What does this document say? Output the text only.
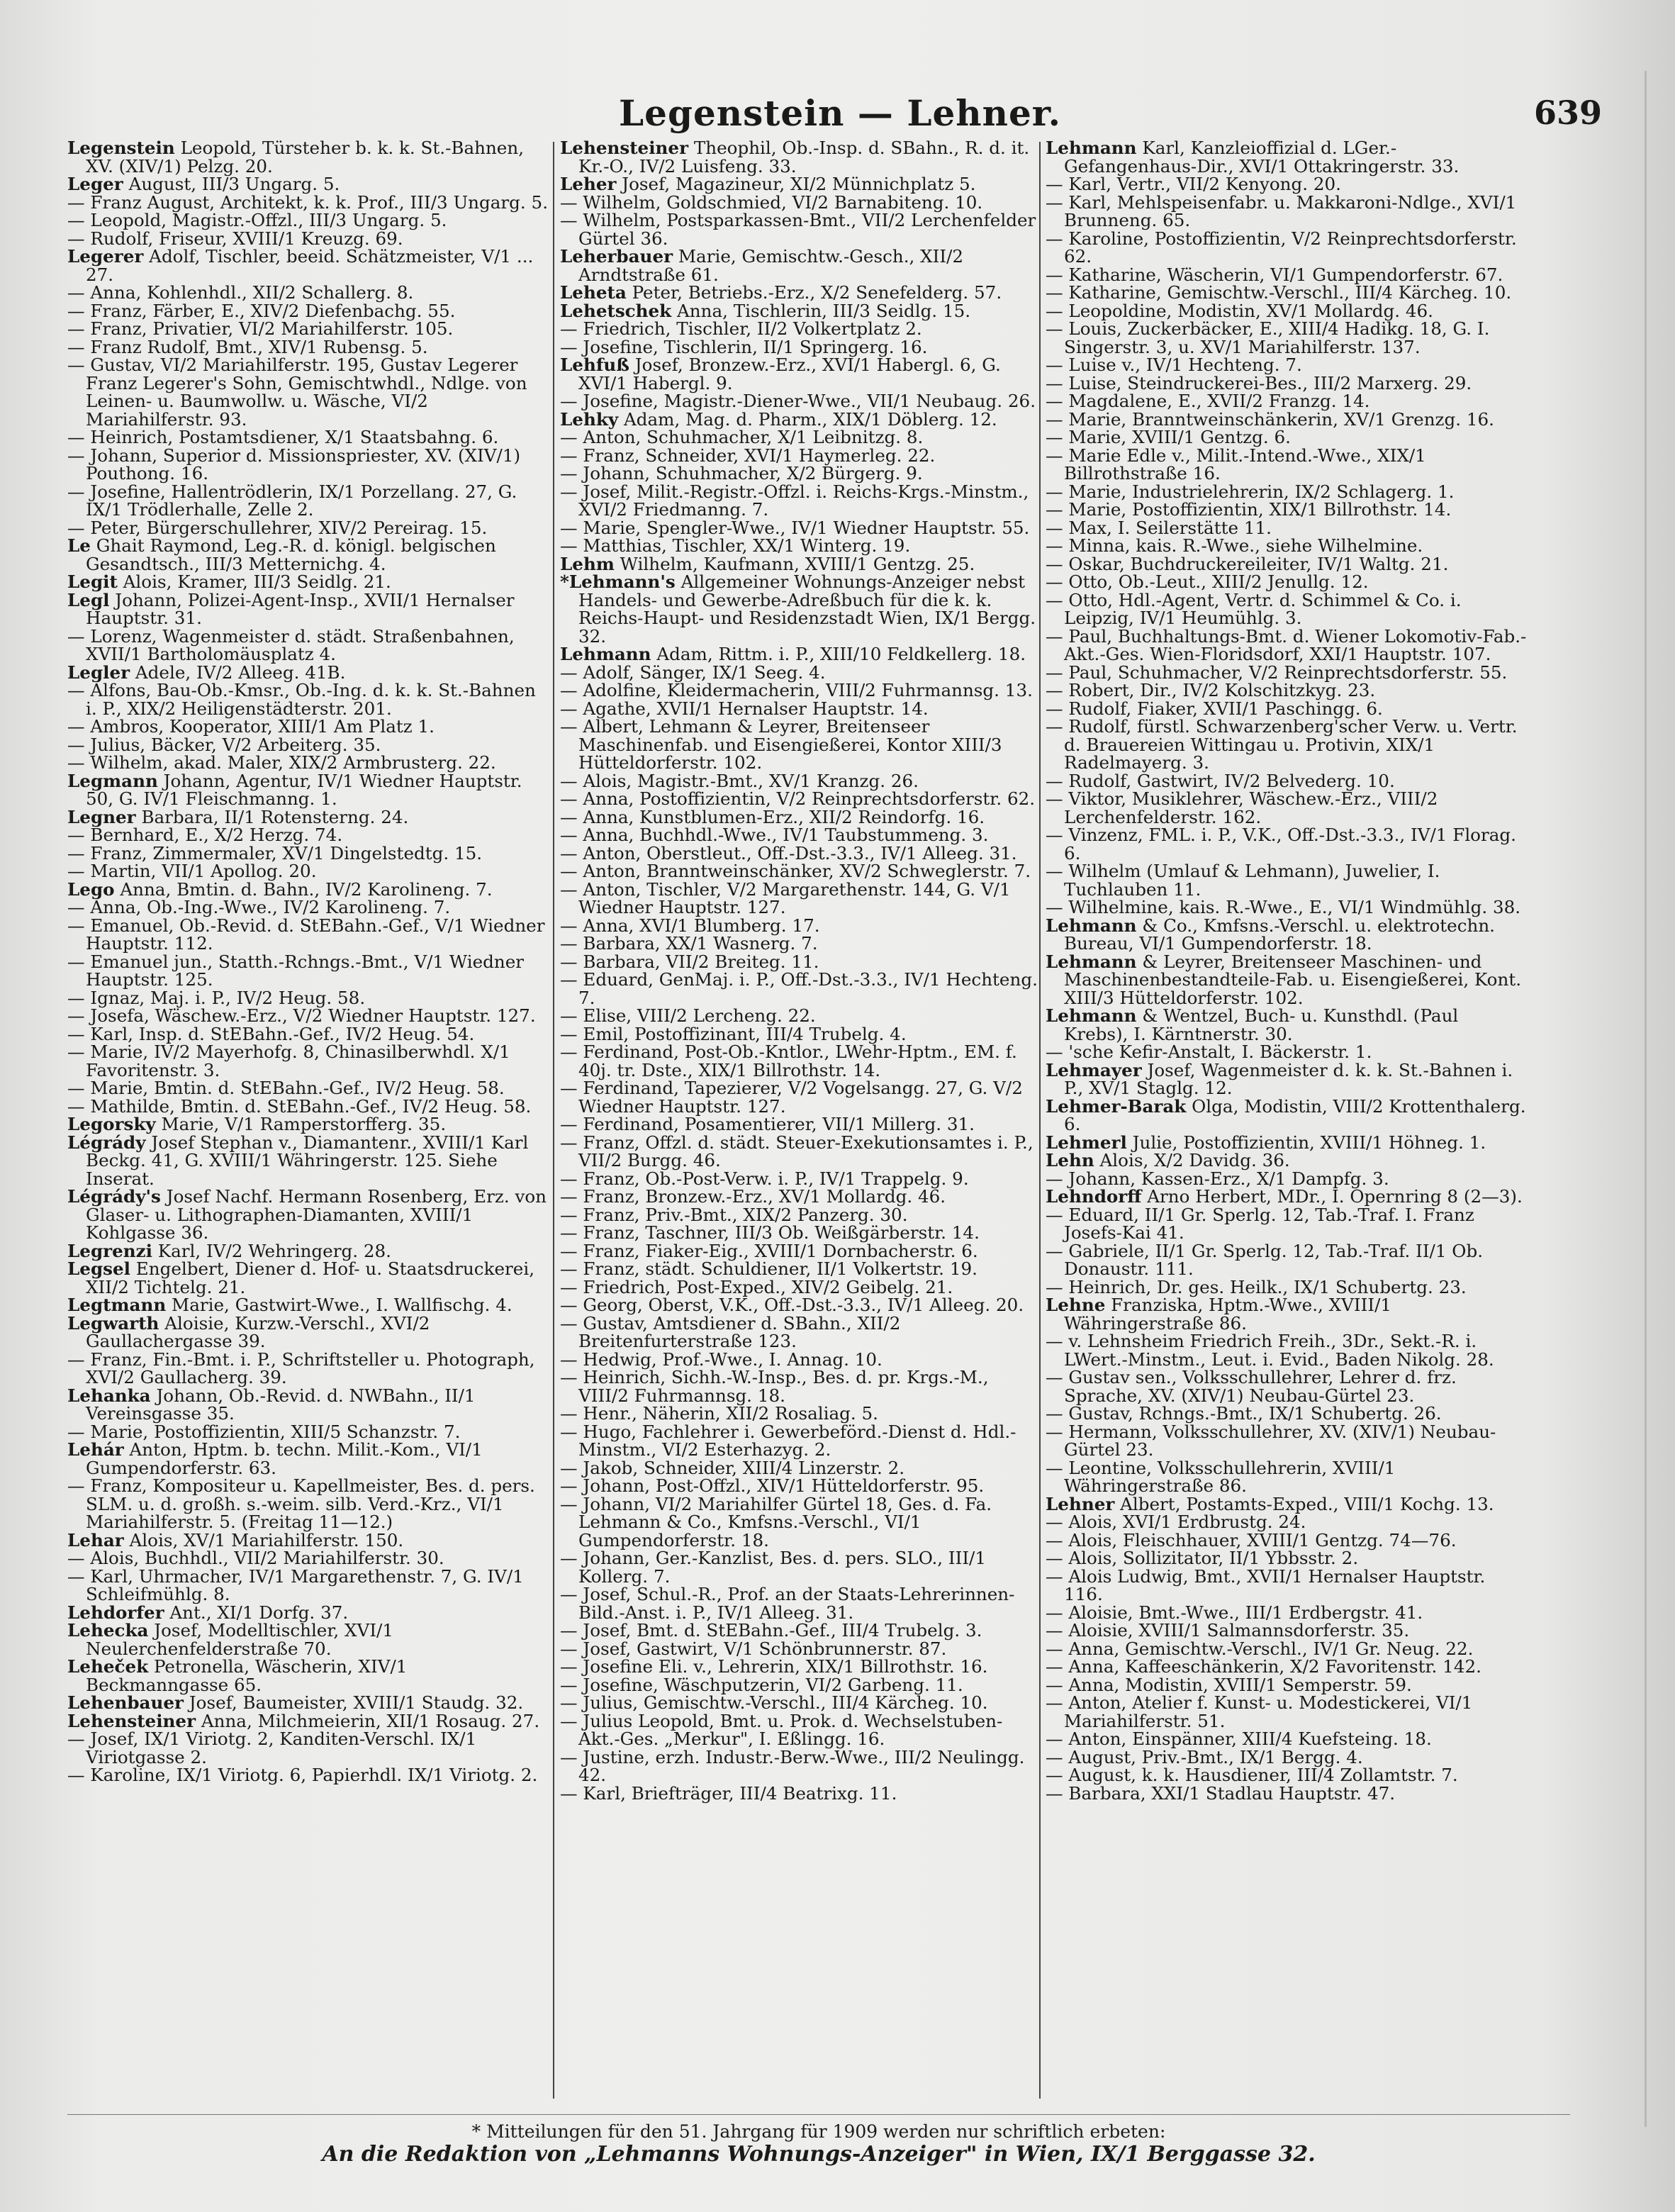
Legenstein — Lehner.	639

Legenstein Leopold, Türsteher b. k. k. St.-Bahnen, XV. (XIV/1) Pelzg. 20.

Leger August, III/3 Ungarg. 5.

— Franz August, Architekt, k. k. Prof., III/3 Ungarg. 5.

— Leopold, Magistr.-Offzl., III/3 Ungarg. 5.

— Rudolf, Friseur, XVIII/1 Kreuzg. 69.

Legerer Adolf, Tischler, beeid. Schätzmeister, V/1 ... 27.

— Anna, Kohlenhdl., XII/2 Schallerg. 8.

— Franz, Färber, E., XIV/2 Diefenbachg. 55.

— Franz, Privatier, VI/2 Mariahilferstr. 105.

— Franz Rudolf, Bmt., XIV/1 Rubensg. 5.

— Gustav, VI/2 Mariahilferstr. 195, Gustav Legerer Franz Legerer's Sohn, Gemischtwhdl., Ndlge. von Leinen- u. Baumwollw. u. Wäsche, VI/2 Mariahilferstr. 93.

— Heinrich, Postamtsdiener, X/1 Staatsbahng. 6.

— Johann, Superior d. Missionspriester, XV. (XIV/1) Pouthong. 16.

— Josefine, Hallentrödlerin, IX/1 Porzellang. 27, G. IX/1 Trödlerhalle, Zelle 2.

— Peter, Bürgerschullehrer, XIV/2 Pereirag. 15.

Le Ghait Raymond, Leg.-R. d. königl. belgischen Gesandtsch., III/3 Metternichg. 4.

Legit Alois, Kramer, III/3 Seidlg. 21.

Legl Johann, Polizei-Agent-Insp., XVII/1 Hernalser Hauptstr. 31.

— Lorenz, Wagenmeister d. städt. Straßenbahnen, XVII/1 Bartholomäusplatz 4.

Legler Adele, IV/2 Alleeg. 41B.

— Alfons, Bau-Ob.-Kmsr., Ob.-Ing. d. k. k. St.-Bahnen i. P., XIX/2 Heiligenstädterstr. 201.

— Ambros, Kooperator, XIII/1 Am Platz 1.

— Julius, Bäcker, V/2 Arbeiterg. 35.

— Wilhelm, akad. Maler, XIX/2 Armbrusterg. 22.

Legmann Johann, Agentur, IV/1 Wiedner Hauptstr. 50, G. IV/1 Fleischmanng. 1.

Legner Barbara, II/1 Rotensterng. 24.

— Bernhard, E., X/2 Herzg. 74.

— Franz, Zimmermaler, XV/1 Dingelstedtg. 15.

— Martin, VII/1 Apollog. 20.

Lego Anna, Bmtin. d. Bahn., IV/2 Karolineng. 7.

— Anna, Ob.-Ing.-Wwe., IV/2 Karolineng. 7.

— Emanuel, Ob.-Revid. d. StEBahn.-Gef., V/1 Wiedner Hauptstr. 112.

— Emanuel jun., Statth.-Rchngs.-Bmt., V/1 Wiedner Hauptstr. 125.

— Ignaz, Maj. i. P., IV/2 Heug. 58.

— Josefa, Wäschew.-Erz., V/2 Wiedner Hauptstr. 127.

— Karl, Insp. d. StEBahn.-Gef., IV/2 Heug. 54.

— Marie, IV/2 Mayerhofg. 8, Chinasilberwhdl. X/1 Favoritenstr. 3.

— Marie, Bmtin. d. StEBahn.-Gef., IV/2 Heug. 58.

— Mathilde, Bmtin. d. StEBahn.-Gef., IV/2 Heug. 58.

Legorsky Marie, V/1 Ramperstorfferg. 35.

Légrády Josef Stephan v., Diamantenr., XVIII/1 Karl Beckg. 41, G. XVIII/1 Währingerstr. 125. Siehe Inserat.

Légrády's Josef Nachf. Hermann Rosenberg, Erz. von Glaser- u. Lithographen-Diamanten, XVIII/1 Kohlgasse 36.

Legrenzi Karl, IV/2 Wehringerg. 28.

Legsel Engelbert, Diener d. Hof- u. Staatsdruckerei, XII/2 Tichtelg. 21.

Legtmann Marie, Gastwirt-Wwe., I. Wallfischg. 4.

Legwarth Aloisie, Kurzw.-Verschl., XVI/2 Gaullachergasse 39.

— Franz, Fin.-Bmt. i. P., Schriftsteller u. Photograph, XVI/2 Gaullacherg. 39.

Lehanka Johann, Ob.-Revid. d. NWBahn., II/1 Vereinsgasse 35.

— Marie, Postoffizientin, XIII/5 Schanzstr. 7.

Lehár Anton, Hptm. b. techn. Milit.-Kom., VI/1 Gumpendorferstr. 63.

— Franz, Kompositeur u. Kapellmeister, Bes. d. pers. SLM. u. d. großh. s.-weim. silb. Verd.-Krz., VI/1 Mariahilferstr. 5. (Freitag 11—12.)

Lehar Alois, XV/1 Mariahilferstr. 150.

— Alois, Buchhdl., VII/2 Mariahilferstr. 30.

— Karl, Uhrmacher, IV/1 Margarethenstr. 7, G. IV/1 Schleifmühlg. 8.

Lehdorfer Ant., XI/1 Dorfg. 37.

Lehecka Josef, Modelltischler, XVI/1 Neulerchenfelderstraße 70.

Leheček Petronella, Wäscherin, XIV/1 Beckmanngasse 65.

Lehenbauer Josef, Baumeister, XVIII/1 Staudg. 32.

Lehensteiner Anna, Milchmeierin, XII/1 Rosaug. 27.

— Josef, IX/1 Viriotg. 2, Kanditen-Verschl. IX/1 Viriotgasse 2.

— Karoline, IX/1 Viriotg. 6, Papierhdl. IX/1 Viriotg. 2.

Lehensteiner Theophil, Ob.-Insp. d. SBahn., R. d. it. Kr.-O., IV/2 Luisfeng. 33.

Leher Josef, Magazineur, XI/2 Münnichplatz 5.

— Wilhelm, Goldschmied, VI/2 Barnabiteng. 10.

— Wilhelm, Postsparkassen-Bmt., VII/2 Lerchenfelder Gürtel 36.

Leherbauer Marie, Gemischtw.-Gesch., XII/2 Arndtstraße 61.

Leheta Peter, Betriebs.-Erz., X/2 Senefelderg. 57.

Lehetschek Anna, Tischlerin, III/3 Seidlg. 15.

— Friedrich, Tischler, II/2 Volkertplatz 2.

— Josefine, Tischlerin, II/1 Springerg. 16.

Lehfuß Josef, Bronzew.-Erz., XVI/1 Habergl. 6, G. XVI/1 Habergl. 9.

— Josefine, Magistr.-Diener-Wwe., VII/1 Neubaug. 26.

Lehky Adam, Mag. d. Pharm., XIX/1 Döblerg. 12.

— Anton, Schuhmacher, X/1 Leibnitzg. 8.

— Franz, Schneider, XVI/1 Haymerleg. 22.

— Johann, Schuhmacher, X/2 Bürgerg. 9.

— Josef, Milit.-Registr.-Offzl. i. Reichs-Krgs.-Minstm., XVI/2 Friedmanng. 7.

— Marie, Spengler-Wwe., IV/1 Wiedner Hauptstr. 55.

— Matthias, Tischler, XX/1 Winterg. 19.

Lehm Wilhelm, Kaufmann, XVIII/1 Gentzg. 25.

*Lehmann's Allgemeiner Wohnungs-Anzeiger nebst Handels- und Gewerbe-Adreßbuch für die k. k. Reichs-Haupt- und Residenzstadt Wien, IX/1 Bergg. 32.

Lehmann Adam, Rittm. i. P., XIII/10 Feldkellerg. 18.

— Adolf, Sänger, IX/1 Seeg. 4.

— Adolfine, Kleidermacherin, VIII/2 Fuhrmannsg. 13.

— Agathe, XVII/1 Hernalser Hauptstr. 14.

— Albert, Lehmann & Leyrer, Breitenseer Maschinenfab. und Eisengießerei, Kontor XIII/3 Hütteldorferstr. 102.

— Alois, Magistr.-Bmt., XV/1 Kranzg. 26.

— Anna, Postoffizientin, V/2 Reinprechtsdorferstr. 62.

— Anna, Kunstblumen-Erz., XII/2 Reindorfg. 16.

— Anna, Buchhdl.-Wwe., IV/1 Taubstummeng. 3.

— Anton, Oberstleut., Off.-Dst.-3.3., IV/1 Alleeg. 31.

— Anton, Branntweinschänker, XV/2 Schweglerstr. 7.

— Anton, Tischler, V/2 Margarethenstr. 144, G. V/1 Wiedner Hauptstr. 127.

— Anna, XVI/1 Blumberg. 17.

— Barbara, XX/1 Wasnerg. 7.

— Barbara, VII/2 Breiteg. 11.

— Eduard, GenMaj. i. P., Off.-Dst.-3.3., IV/1 Hechteng. 7.

— Elise, VIII/2 Lercheng. 22.

— Emil, Postoffizinant, III/4 Trubelg. 4.

— Ferdinand, Post-Ob.-Kntlor., LWehr-Hptm., EM. f. 40j. tr. Dste., XIX/1 Billrothstr. 14.

— Ferdinand, Tapezierer, V/2 Vogelsangg. 27, G. V/2 Wiedner Hauptstr. 127.

— Ferdinand, Posamentierer, VII/1 Millerg. 31.

— Franz, Offzl. d. städt. Steuer-Exekutionsamtes i. P., VII/2 Burgg. 46.

— Franz, Ob.-Post-Verw. i. P., IV/1 Trappelg. 9.

— Franz, Bronzew.-Erz., XV/1 Mollardg. 46.

— Franz, Priv.-Bmt., XIX/2 Panzerg. 30.

— Franz, Taschner, III/3 Ob. Weißgärberstr. 14.

— Franz, Fiaker-Eig., XVIII/1 Dornbacherstr. 6.

— Franz, städt. Schuldiener, II/1 Volkertstr. 19.

— Friedrich, Post-Exped., XIV/2 Geibelg. 21.

— Georg, Oberst, V.K., Off.-Dst.-3.3., IV/1 Alleeg. 20.

— Gustav, Amtsdiener d. SBahn., XII/2 Breitenfurterstraße 123.

— Hedwig, Prof.-Wwe., I. Annag. 10.

— Heinrich, Sichh.-W.-Insp., Bes. d. pr. Krgs.-M., VIII/2 Fuhrmannsg. 18.

— Henr., Näherin, XII/2 Rosaliag. 5.

— Hugo, Fachlehrer i. Gewerbeförd.-Dienst d. Hdl.-Minstm., VI/2 Esterhazyg. 2.

— Jakob, Schneider, XIII/4 Linzerstr. 2.

— Johann, Post-Offzl., XIV/1 Hütteldorferstr. 95.

— Johann, VI/2 Mariahilfer Gürtel 18, Ges. d. Fa. Lehmann & Co., Kmfsns.-Verschl., VI/1 Gumpendorferstr. 18.

— Johann, Ger.-Kanzlist, Bes. d. pers. SLO., III/1 Kollerg. 7.

— Josef, Schul.-R., Prof. an der Staats-Lehrerinnen-Bild.-Anst. i. P., IV/1 Alleeg. 31.

— Josef, Bmt. d. StEBahn.-Gef., III/4 Trubelg. 3.

— Josef, Gastwirt, V/1 Schönbrunnerstr. 87.

— Josefine Eli. v., Lehrerin, XIX/1 Billrothstr. 16.

— Josefine, Wäschputzerin, VI/2 Garbeng. 11.

— Julius, Gemischtw.-Verschl., III/4 Kärcheg. 10.

— Julius Leopold, Bmt. u. Prok. d. Wechselstuben-Akt.-Ges. „Merkur", I. Eßlingg. 16.

— Justine, erzh. Industr.-Berw.-Wwe., III/2 Neulingg. 42.

— Karl, Briefträger, III/4 Beatrixg. 11.

Lehmann Karl, Kanzleioffizial d. LGer.-Gefangenhaus-Dir., XVI/1 Ottakringerstr. 33.

— Karl, Vertr., VII/2 Kenyong. 20.

— Karl, Mehlspeisenfabr. u. Makkaroni-Ndlge., XVI/1 Brunneng. 65.

— Karoline, Postoffizientin, V/2 Reinprechtsdorferstr. 62.

— Katharine, Wäscherin, VI/1 Gumpendorferstr. 67.

— Katharine, Gemischtw.-Verschl., III/4 Kärcheg. 10.

— Leopoldine, Modistin, XV/1 Mollardg. 46.

— Louis, Zuckerbäcker, E., XIII/4 Hadikg. 18, G. I. Singerstr. 3, u. XV/1 Mariahilferstr. 137.

— Luise v., IV/1 Hechteng. 7.

— Luise, Steindruckerei-Bes., III/2 Marxerg. 29.

— Magdalene, E., XVII/2 Franzg. 14.

— Marie, Branntweinschänkerin, XV/1 Grenzg. 16.

— Marie, XVIII/1 Gentzg. 6.

— Marie Edle v., Milit.-Intend.-Wwe., XIX/1 Billrothstraße 16.

— Marie, Industrielehrerin, IX/2 Schlagerg. 1.

— Marie, Postoffizientin, XIX/1 Billrothstr. 14.

— Max, I. Seilerstätte 11.

— Minna, kais. R.-Wwe., siehe Wilhelmine.

— Oskar, Buchdruckereileiter, IV/1 Waltg. 21.

— Otto, Ob.-Leut., XIII/2 Jenullg. 12.

— Otto, Hdl.-Agent, Vertr. d. Schimmel & Co. i. Leipzig, IV/1 Heumühlg. 3.

— Paul, Buchhaltungs-Bmt. d. Wiener Lokomotiv-Fab.-Akt.-Ges. Wien-Floridsdorf, XXI/1 Hauptstr. 107.

— Paul, Schuhmacher, V/2 Reinprechtsdorferstr. 55.

— Robert, Dir., IV/2 Kolschitzkyg. 23.

— Rudolf, Fiaker, XVII/1 Paschingg. 6.

— Rudolf, fürstl. Schwarzenberg'scher Verw. u. Vertr. d. Brauereien Wittingau u. Protivin, XIX/1 Radelmayerg. 3.

— Rudolf, Gastwirt, IV/2 Belvederg. 10.

— Viktor, Musiklehrer, Wäschew.-Erz., VIII/2 Lerchenfelderstr. 162.

— Vinzenz, FML. i. P., V.K., Off.-Dst.-3.3., IV/1 Florag. 6.

— Wilhelm (Umlauf & Lehmann), Juwelier, I. Tuchlauben 11.

— Wilhelmine, kais. R.-Wwe., E., VI/1 Windmühlg. 38.

Lehmann & Co., Kmfsns.-Verschl. u. elektrotechn. Bureau, VI/1 Gumpendorferstr. 18.

Lehmann & Leyrer, Breitenseer Maschinen- und Maschinenbestandteile-Fab. u. Eisengießerei, Kont. XIII/3 Hütteldorferstr. 102.

Lehmann & Wentzel, Buch- u. Kunsthdl. (Paul Krebs), I. Kärntnerstr. 30.

— 'sche Kefir-Anstalt, I. Bäckerstr. 1.

Lehmayer Josef, Wagenmeister d. k. k. St.-Bahnen i. P., XV/1 Staglg. 12.

Lehmer-Barak Olga, Modistin, VIII/2 Krottenthalerg. 6.

Lehmerl Julie, Postoffizientin, XVIII/1 Höhneg. 1.

Lehn Alois, X/2 Davidg. 36.

— Johann, Kassen-Erz., X/1 Dampfg. 3.

Lehndorff Arno Herbert, MDr., I. Opernring 8 (2—3).

— Eduard, II/1 Gr. Sperlg. 12, Tab.-Traf. I. Franz Josefs-Kai 41.

— Gabriele, II/1 Gr. Sperlg. 12, Tab.-Traf. II/1 Ob. Donaustr. 111.

— Heinrich, Dr. ges. Heilk., IX/1 Schubertg. 23.

Lehne Franziska, Hptm.-Wwe., XVIII/1 Währingerstraße 86.

— v. Lehnsheim Friedrich Freih., 3Dr., Sekt.-R. i. LWert.-Minstm., Leut. i. Evid., Baden Nikolg. 28.

— Gustav sen., Volksschullehrer, Lehrer d. frz. Sprache, XV. (XIV/1) Neubau-Gürtel 23.

— Gustav, Rchngs.-Bmt., IX/1 Schubertg. 26.

— Hermann, Volksschullehrer, XV. (XIV/1) Neubau-Gürtel 23.

— Leontine, Volksschullehrerin, XVIII/1 Währingerstraße 86.

Lehner Albert, Postamts-Exped., VIII/1 Kochg. 13.

— Alois, XVI/1 Erdbrustg. 24.

— Alois, Fleischhauer, XVIII/1 Gentzg. 74—76.

— Alois, Sollizitator, II/1 Ybbsstr. 2.

— Alois Ludwig, Bmt., XVII/1 Hernalser Hauptstr. 116.

— Aloisie, Bmt.-Wwe., III/1 Erdbergstr. 41.

— Aloisie, XVIII/1 Salmannsdorferstr. 35.

— Anna, Gemischtw.-Verschl., IV/1 Gr. Neug. 22.

— Anna, Kaffeeschänkerin, X/2 Favoritenstr. 142.

— Anna, Modistin, XVIII/1 Semperstr. 59.

— Anton, Atelier f. Kunst- u. Modestickerei, VI/1 Mariahilferstr. 51.

— Anton, Einspänner, XIII/4 Kuefsteing. 18.

— August, Priv.-Bmt., IX/1 Bergg. 4.

— August, k. k. Hausdiener, III/4 Zollamtstr. 7.

— Barbara, XXI/1 Stadlau Hauptstr. 47.

* Mitteilungen für den 51. Jahrgang für 1909 werden nur schriftlich erbeten:
An die Redaktion von „Lehmanns Wohnungs-Anzeiger" in Wien, IX/1 Berggasse 32.
